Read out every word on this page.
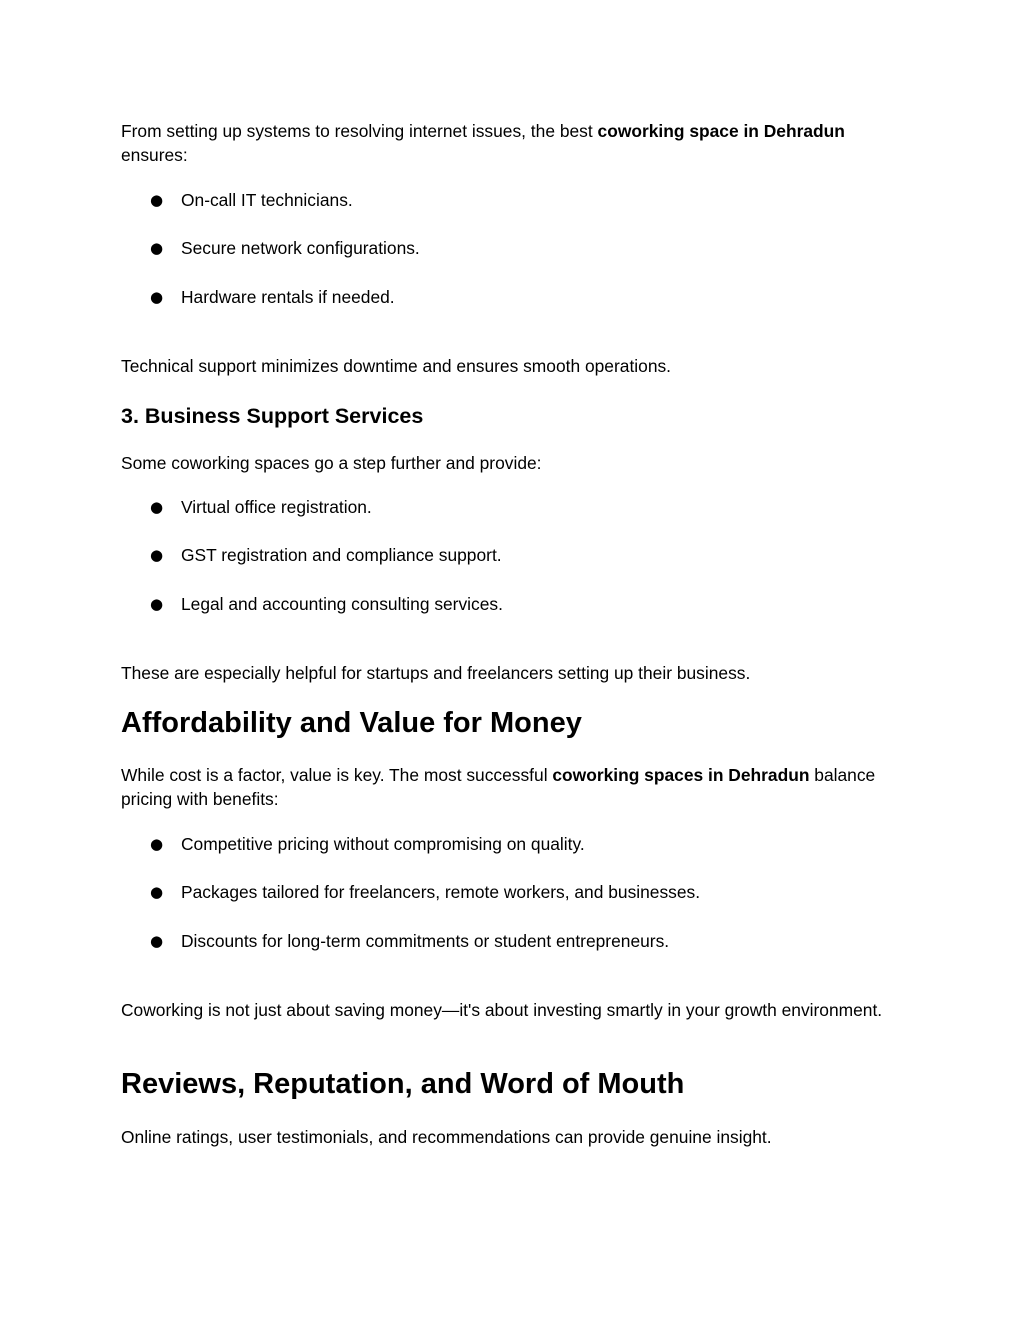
From setting up systems to resolving internet issues, the best coworking space in Dehradun ensures:

● On-call IT technicians.
● Secure network configurations.
● Hardware rentals if needed.

Technical support minimizes downtime and ensures smooth operations.

3. Business Support Services

Some coworking spaces go a step further and provide:

● Virtual office registration.
● GST registration and compliance support.
● Legal and accounting consulting services.

These are especially helpful for startups and freelancers setting up their business.

Affordability and Value for Money

While cost is a factor, value is key. The most successful coworking spaces in Dehradun balance pricing with benefits:

● Competitive pricing without compromising on quality.
● Packages tailored for freelancers, remote workers, and businesses.
● Discounts for long-term commitments or student entrepreneurs.

Coworking is not just about saving money—it's about investing smartly in your growth environment.

Reviews, Reputation, and Word of Mouth

Online ratings, user testimonials, and recommendations can provide genuine insight.
